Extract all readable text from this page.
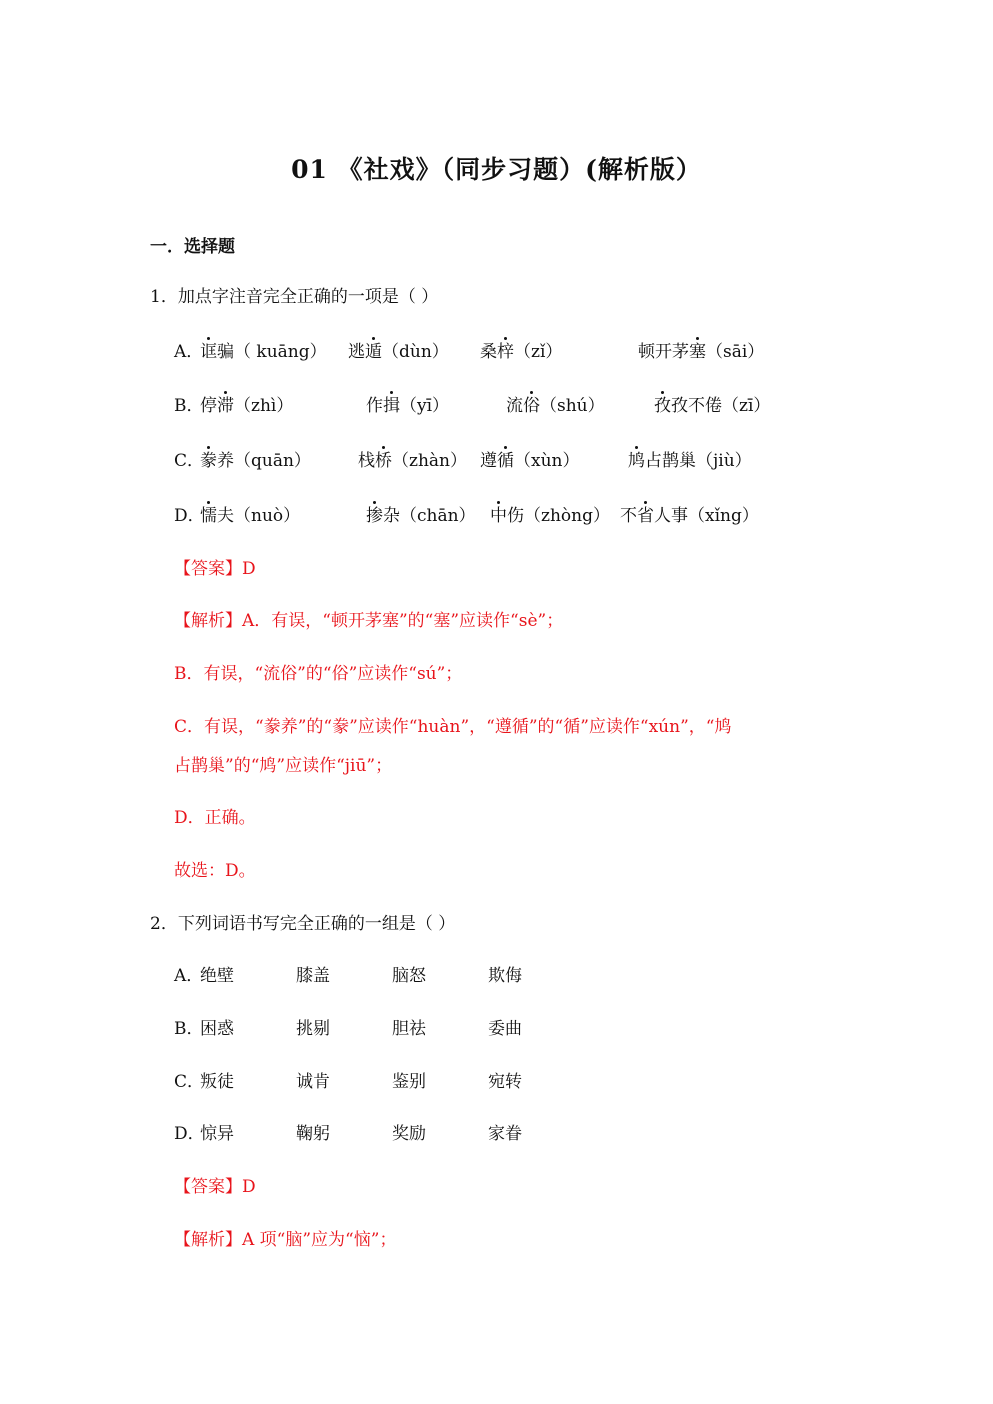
01 《社戏》（同步习题）(解析版）
一．选择题
1．加点字注音完全正确的一项是（ ）
A．
诓骗（ kuāng） 逃遁（dùn） 桑梓（zǐ）	顿开茅塞（sāi）
B．
停滞（zhì）	作揖（yī）	流俗（shú）	孜孜不倦（zī）
C．
豢养（quān）	栈桥（zhàn） 遵循（xùn）	鸠占鹊巢（jiù）
D．
懦夫（nuò）	掺杂（chān） 中伤（zhòng） 不省人事（xǐng）
【答案】D
【解析】A．有误，“顿开茅塞”的“塞”应读作“sè”；
B．有误，“流俗”的“俗”应读作“sú”；
C．有误，“豢养”的“豢”应读作“huàn”，“遵循”的“循”应读作“xún”，“鸠
占鹊巢”的“鸠”应读作“jiū”；
D．正确。
故选：D。
2．下列词语书写完全正确的一组是（ ）
A．
绝壁	膝盖	脑怒	欺侮
B．
困惑	挑剔	胆祛	委曲
C．
叛徒	诚肯	鉴别	宛转
D．
惊异	鞠躬	奖励	家眷
【答案】D
【解析】A 项“脑”应为“恼”；
